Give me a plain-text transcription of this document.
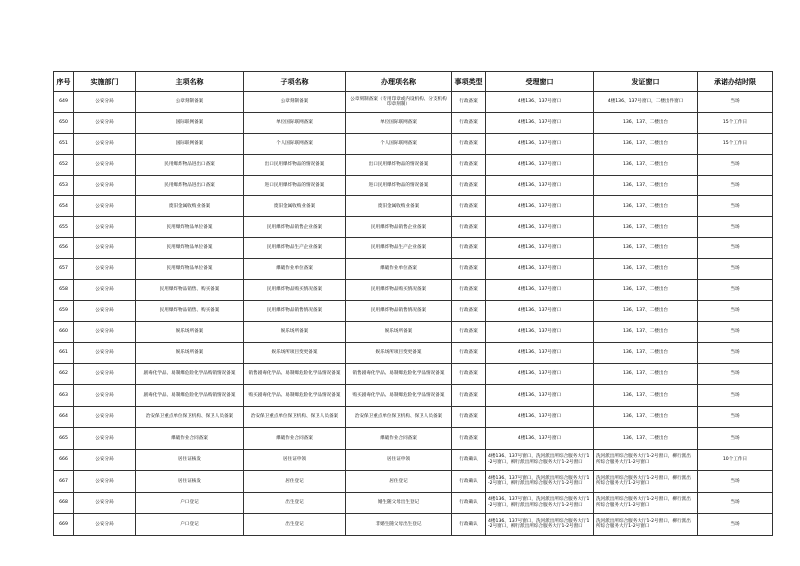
序号	实施部门	主项名称	子项名称	办理项名称	事项类型	受理窗口	发证窗口	承诺办结时限
649	公安分局	公章刻制备案	公章刻制备案	公章刻制备案（专用印章或内设机构、分支机构印章刻制）	行政备案	4楼136、137号窗口	4楼136、137号窗口，二楼出件窗口	当场
650	公安分局	国际联网备案	单位国际联网备案	单位国际联网备案	行政备案	4楼136、137号窗口	136、137、二楼出台	15个工作日
651	公安分局	国际联网备案	个人国际联网备案	个人国际联网备案	行政备案	4楼136、137号窗口	136、137、二楼出台	15个工作日
652	公安分局	民用爆炸物品进出口备案	出口民用爆炸物品的情况备案	出口民用爆炸物品的情况备案	行政备案	4楼136、137号窗口	136、137、二楼出台	当场
653	公安分局	民用爆炸物品进出口备案	进口民用爆炸物品的情况备案	进口民用爆炸物品的情况备案	行政备案	4楼136、137号窗口	136、137、二楼出台	当场
654	公安分局	废旧金属收购业备案	废旧金属收购业备案	废旧金属收购业备案	行政备案	4楼136、137号窗口	136、137、二楼出台	当场
655	公安分局	民用爆炸物品单位备案	民用爆炸物品销售企业备案	民用爆炸物品销售企业备案	行政备案	4楼136、137号窗口	136、137、二楼出台	当场
656	公安分局	民用爆炸物品单位备案	民用爆炸物品生产企业备案	民用爆炸物品生产企业备案	行政备案	4楼136、137号窗口	136、137、二楼出台	当场
657	公安分局	民用爆炸物品单位备案	爆破作业单位备案	爆破作业单位备案	行政备案	4楼136、137号窗口	136、137、二楼出台	当场
658	公安分局	民用爆炸物品销售、购买备案	民用爆炸物品购买情况备案	民用爆炸物品购买情况备案	行政备案	4楼136、137号窗口	136、137、二楼出台	当场
659	公安分局	民用爆炸物品销售、购买备案	民用爆炸物品销售情况备案	民用爆炸物品销售情况备案	行政备案	4楼136、137号窗口	136、137、二楼出台	当场
660	公安分局	娱乐场所备案	娱乐场所备案	娱乐场所备案	行政备案	4楼136、137号窗口	136、137、二楼出台	当场
661	公安分局	娱乐场所备案	娱乐场所项目变更备案	娱乐场所项目变更备案	行政备案	4楼136、137号窗口	136、137、二楼出台	当场
662	公安分局	剧毒化学品、易制爆危险化学品购销情况备案	销售剧毒化学品、易制爆危险化学品情况备案	销售剧毒化学品、易制爆危险化学品情况备案	行政备案	4楼136、137号窗口	136、137、二楼出台	当场
663	公安分局	剧毒化学品、易制爆危险化学品购销情况备案	购买剧毒化学品、易制爆危险化学品情况备案	购买剧毒化学品、易制爆危险化学品情况备案	行政备案	4楼136、137号窗口	136、137、二楼出台	当场
664	公安分局	治安保卫重点单位保卫机构、保卫人员备案	治安保卫重点单位保卫机构、保卫人员备案	治安保卫重点单位保卫机构、保卫人员备案	行政备案	4楼136、137号窗口	136、137、二楼出台	当场
665	公安分局	爆破作业合同备案	爆破作业合同备案	爆破作业合同备案	行政备案	4楼136、137号窗口	136、137、二楼出台	当场
666	公安分局	居住证核发	居住证申领	居住证申领	行政确认	4楼136、137号窗口，洗河派出所综合服务大厅1-2号窗口，柳行派出所综合服务大厅1-2号窗口	洗河派出所综合服务大厅1-2号窗口，柳行派出所综合服务大厅1-2号窗口	10个工作日
667	公安分局	居住证核发	居住登记	居住登记	行政确认	4楼136、137号窗口，洗河派出所综合服务大厅1-2号窗口，柳行派出所综合服务大厅1-2号窗口	洗河派出所综合服务大厅1-2号窗口，柳行派出所综合服务大厅1-2号窗口	当场
668	公安分局	户口登记	出生登记	婚生随父母出生登记	行政确认	4楼136、137号窗口，洗河派出所综合服务大厅1-2号窗口，柳行派出所综合服务大厅1-2号窗口	洗河派出所综合服务大厅1-2号窗口，柳行派出所综合服务大厅1-2号窗口	当场
669	公安分局	户口登记	出生登记	非婚生随父母出生登记	行政确认	4楼136、137号窗口，洗河派出所综合服务大厅1-2号窗口，柳行派出所综合服务大厅1-2号窗口	洗河派出所综合服务大厅1-2号窗口，柳行派出所综合服务大厅1-2号窗口	当场
